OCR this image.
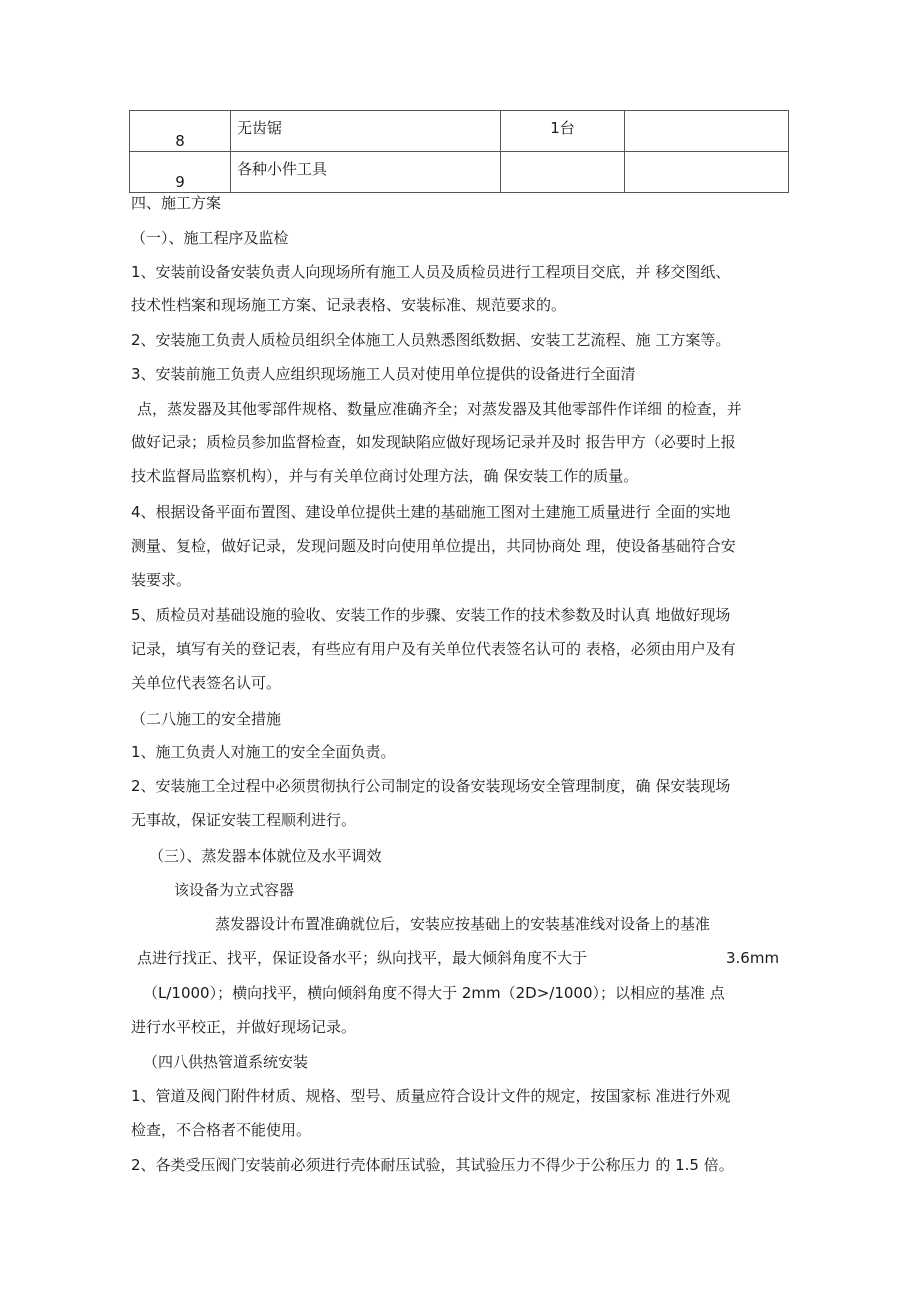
8	无齿锯	1台	
9	各种小件工具		
四、施工方案
（一）、施工程序及监检
1、安装前设备安装负责人向现场所有施工人员及质检员进行工程项目交底，并 移交图纸、
技术性档案和现场施工方案、记录表格、安装标准、规范要求的。
2、安装施工负责人质检员组织全体施工人员熟悉图纸数据、安装工艺流程、施 工方案等。
3、安装前施工负责人应组织现场施工人员对使用单位提供的设备进行全面清
点，蒸发器及其他零部件规格、数量应准确齐全；对蒸发器及其他零部件作详细 的检查，并
做好记录；质检员参加监督检查，如发现缺陷应做好现场记录并及时 报告甲方（必要时上报
技术监督局监察机构），并与有关单位商讨处理方法，确 保安装工作的质量。
4、根据设备平面布置图、建设单位提供土建的基础施工图对土建施工质量进行 全面的实地
测量、复检，做好记录，发现问题及时向使用单位提出，共同协商处 理，使设备基础符合安
装要求。
5、质检员对基础设施的验收、安装工作的步骤、安装工作的技术参数及时认真 地做好现场
记录，填写有关的登记表，有些应有用户及有关单位代表签名认可的 表格，必须由用户及有
关单位代表签名认可。
（二八施工的安全措施
1、施工负责人对施工的安全全面负责。
2、安装施工全过程中必须贯彻执行公司制定的设备安装现场安全管理制度，确 保安装现场
无事故，保证安装工程顺利进行。
（三）、蒸发器本体就位及水平调效
该设备为立式容器
蒸发器设计布置准确就位后，安装应按基础上的安装基准线对设备上的基准
点进行找正、找平，保证设备水平；纵向找平，最大倾斜角度不大于	3.6mm
（L/1000）；横向找平，横向倾斜角度不得大于 2mm（2D>/1000）；以相应的基准 点
进行水平校正，并做好现场记录。
（四八供热管道系统安装
1、管道及阀门附件材质、规格、型号、质量应符合设计文件的规定，按国家标 准进行外观
检查，不合格者不能使用。
2、各类受压阀门安装前必须进行壳体耐压试验，其试验压力不得少于公称压力 的 1.5 倍。
